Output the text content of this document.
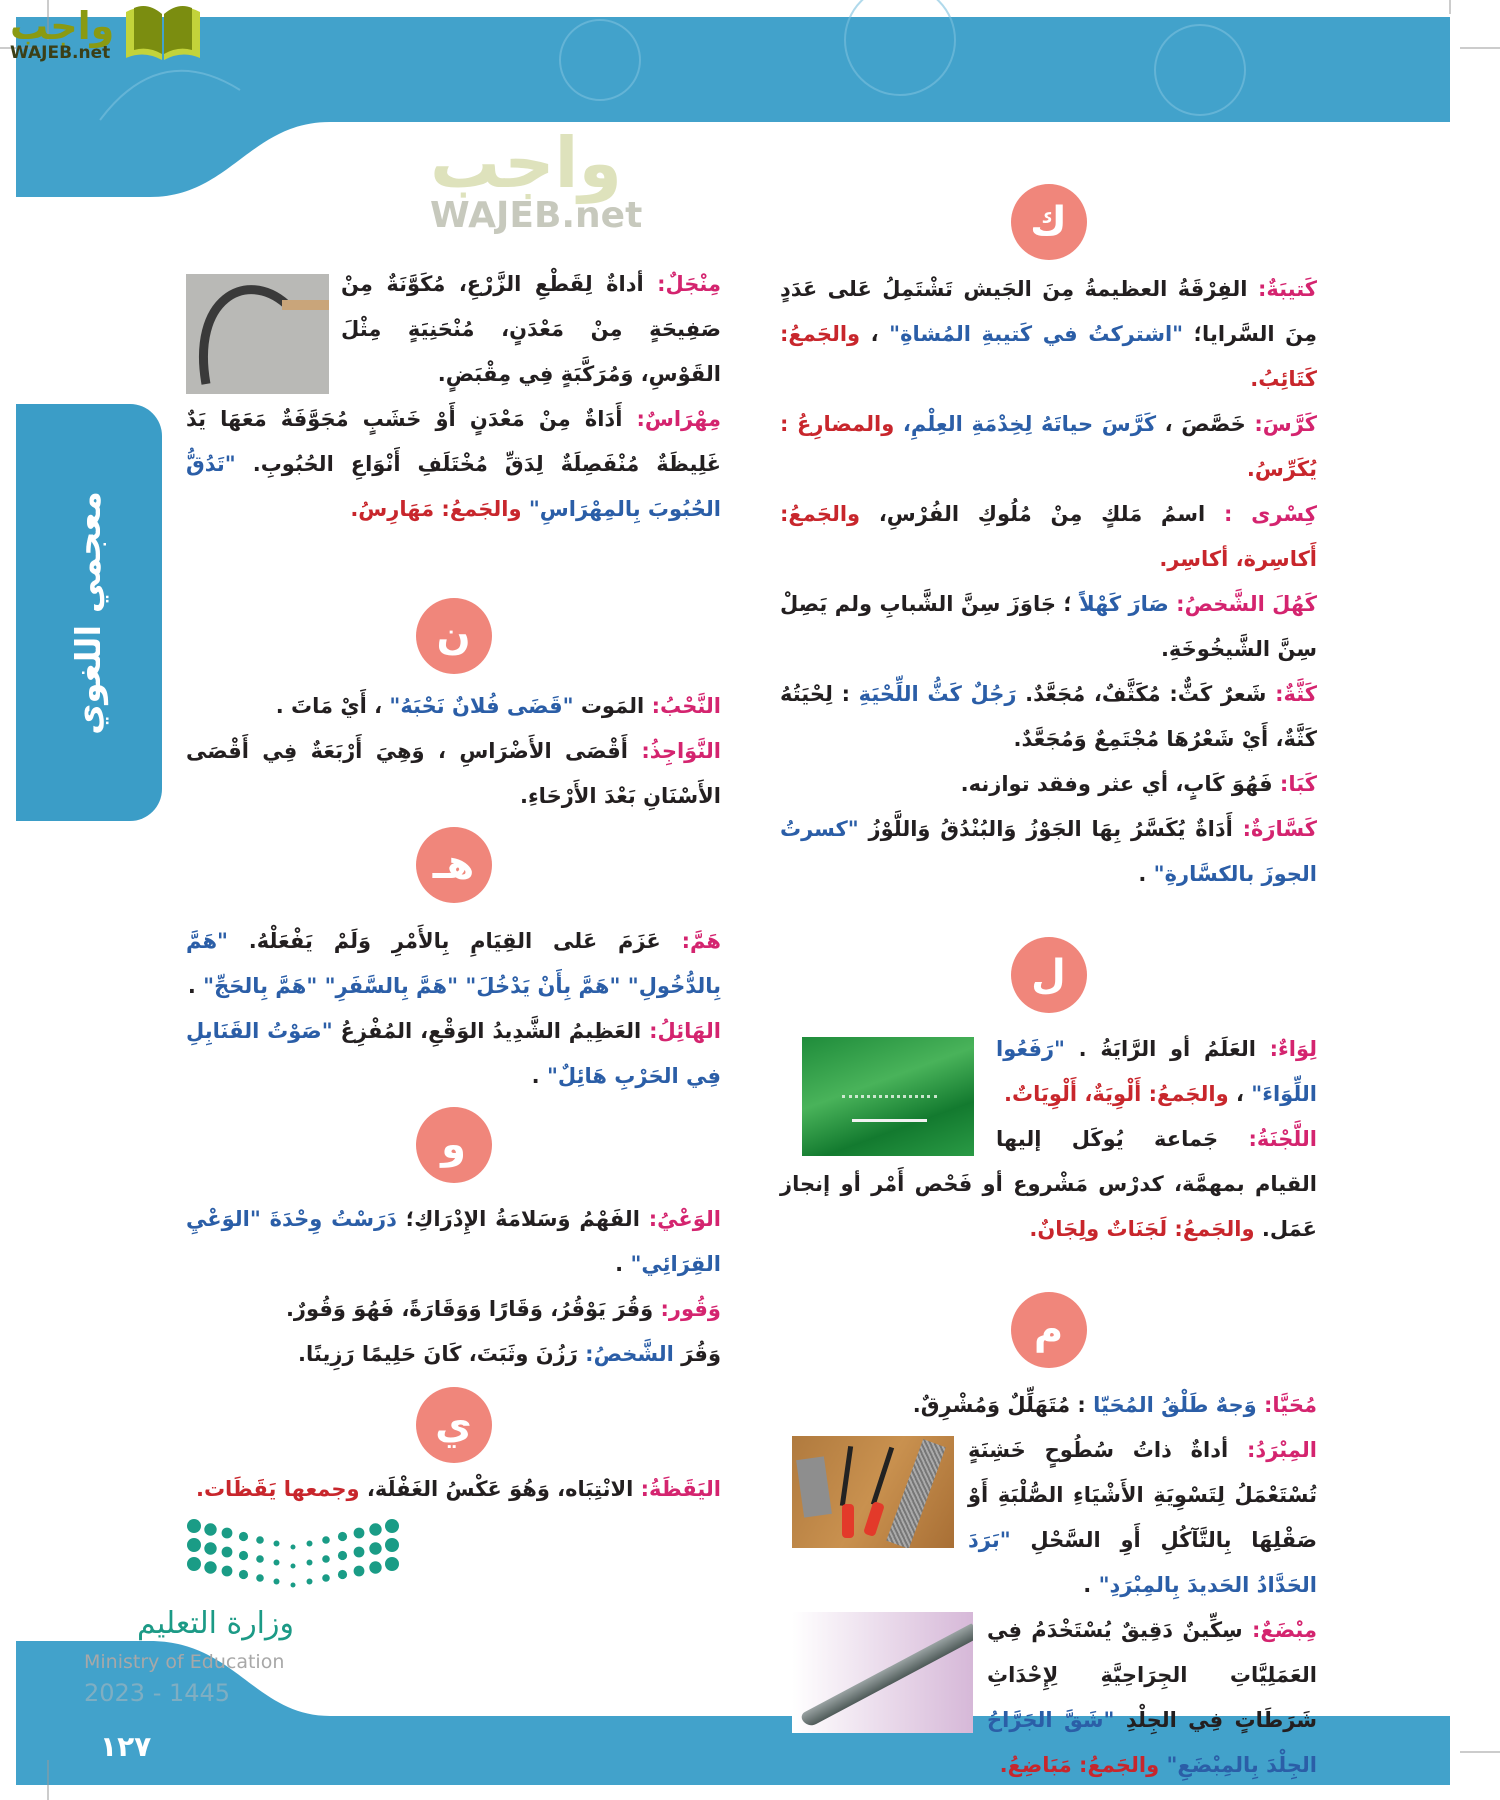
واجب
WAJEB.net
واجب
WAJEB.net
معجمي اللغوي
ك

كَتيبَةٌ: الفِرْقَةُ العظيمةُ مِنَ الجَيش تَشْتَمِلُ عَلى عَدَدٍ مِنَ السَّرايا؛ "اشتركتُ في كَتيبةِ المُشاةِ" ، والجَمعُ: كَتَائِبُ.

كَرَّسَ: خَصَّصَ ، كَرَّسَ حياتَهُ لِخِدْمَةِ العِلْمِ، والمضارِعُ : يُكَرِّسُ.

كِسْرى : اسمُ مَلكٍ مِنْ مُلُوكِ الفُرْسِ، والجَمعُ: أَكاسِرة، أكاسِر.

كَهُلَ الشَّخصُ: صَارَ كَهْلاً ؛ جَاوَزَ سِنَّ الشَّبابِ ولم يَصِلْ سِنَّ الشَّيخُوخَةِ.

كَثَّةٌ: شَعرٌ كَثٌّ: مُكَثَّفٌ، مُجَعَّدٌ. رَجُلٌ كَثُّ اللِّحْيَةِ : لِحْيَتُهُ كَثَّةٌ، أَيْ شَعْرُهَا مُجْتَمِعٌ وَمُجَعَّدٌ.

كَبَا: فَهُوَ كَابٍ، أي عثر وفقد توازنه.

كَسَّارَةٌ: أَدَاةٌ يُكَسَّرُ بِهَا الجَوْزُ وَالبُنْدُقُ وَاللَّوْزُ "كسرتُ الجوزَ بالكسَّارةِ" .

ل

لِوَاءٌ: العَلَمُ أو الرَّايَةُ . "رَفَعُوا اللِّوَاءَ" ، والجَمعُ: أَلْوِيَةٌ، أَلْوِيَاتٌ.

اللَّجْنَةُ: جَماعة يُوكَل إليها القيام بمهمَّة، كدرْس مَشْروع أو فَحْص أَمْر أو إنجاز عَمَل. والجَمعُ: لَجَنَاتٌ ولِجَانٌ.

م

مُحَيَّا: وَجهٌ طَلْقُ المُحَيّا : مُتَهَلِّلٌ وَمُشْرِقٌ.

المِبْرَدُ: أداةٌ ذاتُ سُطُوحٍ خَشِنَةٍ تُسْتَعْمَلُ لِتَسْوِيَةِ الأَشْيَاءِ الصُّلْبَةِ أَوْ صَقْلِهَا بِالتَّآكُلِ أَوِ السَّحْلِ "بَرَدَ الحَدَّادُ الحَديدَ بِالمِبْرَدِ" .

مِبْضَعٌ: سِكِّينٌ دَقِيقٌ يُسْتَخْدَمُ فِي العَمَلِيَّاتِ الجِرَاحِيَّةِ لِإِحْدَاثِ شَرَطَاتٍ فِي الجِلْدِ "شَقَّ الجَرَّاحُ الجِلْدَ بِالمِبْضَعِ" والجَمعُ: مَبَاضِعُ.

مِنْجَلٌ: أداةٌ لِقَطْعِ الزَّرْعِ، مُكَوَّنَةٌ مِنْ صَفِيحَةٍ مِنْ مَعْدَنٍ، مُنْحَنِيَةٍ مِثْلَ القَوْسِ، وَمُرَكَّبَةٍ فِي مِقْبَضٍ.

مِهْرَاسٌ: أَدَاةٌ مِنْ مَعْدَنٍ أَوْ خَشَبٍ مُجَوَّفَةٌ مَعَهَا يَدٌ غَلِيظَةٌ مُنْفَصِلَةٌ لِدَقِّ مُخْتَلَفِ أَنْوَاعِ الحُبُوبِ. "تَدُقُّ الحُبُوبَ بِالمِهْرَاسِ" والجَمعُ: مَهَارِسُ.

ن

النَّحْبُ: المَوت "قَضَى فُلانٌ نَحْبَهُ" ، أَيْ مَاتَ .

النَّوَاجِذُ: أَقْصَى الأَضْرَاسِ ، وَهِيَ أَرْبَعَةٌ فِي أَقْصَى الأَسْنَانِ بَعْدَ الأَرْحَاءِ.

هـ

هَمَّ: عَزَمَ عَلى القِيَامِ بِالأَمْرِ وَلَمْ يَفْعَلْهُ. "هَمَّ بِالدُّخُولِ" "هَمَّ بِأَنْ يَدْخُلَ" "هَمَّ بِالسَّفَرِ" "هَمَّ بِالحَجِّ" .

الهَائِلُ: العَظِيمُ الشَّدِيدُ الوَقْعِ، المُفْزِعُ "صَوْتُ القَنَابِلِ فِي الحَرْبِ هَائِلٌ" .

و

الوَعْيُ: الفَهْمُ وَسَلامَةُ الإِدْرَاكِ؛ دَرَسْتُ وِحْدَةَ "الوَعْيِ القِرَائِي" .

وَقُور: وَقُرَ يَوْقُرُ، وَقَارًا وَوَقَارَةً، فَهُوَ وَقُورٌ.

وَقُرَ الشَّخصُ: رَزُنَ وثَبَتَ، كَانَ حَلِيمًا رَزِينًا.

ي

اليَقَظَةُ: الانْتِبَاه، وَهُوَ عَكْسُ الغَفْلَة، وجمعها يَقَظَات.

وزارة التعليم
Ministry of Education
2023 - 1445
١٢٧
